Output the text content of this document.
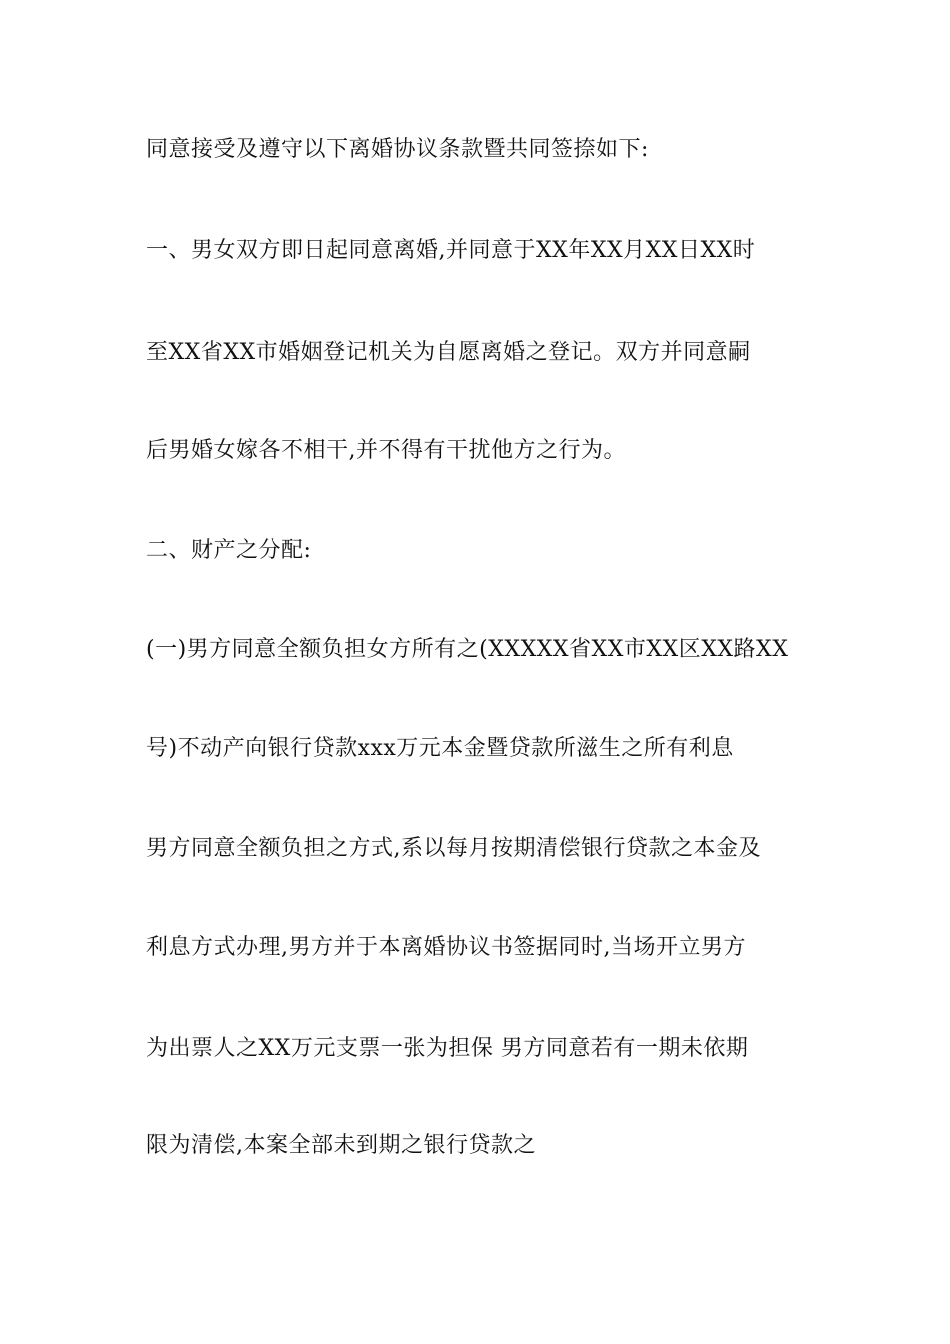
同意接受及遵守以下离婚协议条款暨共同签捺如下:
一、男女双方即日起同意离婚,并同意于XX年XX月XX日XX时
至XX省XX市婚姻登记机关为自愿离婚之登记。双方并同意嗣
后男婚女嫁各不相干,并不得有干扰他方之行为。
二、财产之分配:
(一)男方同意全额负担女方所有之(XXXXX省XX市XX区XX路XX
号)不动产向银行贷款xxx万元本金暨贷款所滋生之所有利息
男方同意全额负担之方式,系以每月按期清偿银行贷款之本金及
利息方式办理,男方并于本离婚协议书签据同时,当场开立男方
为出票人之XX万元支票一张为担保 男方同意若有一期未依期
限为清偿,本案全部未到期之银行贷款之
